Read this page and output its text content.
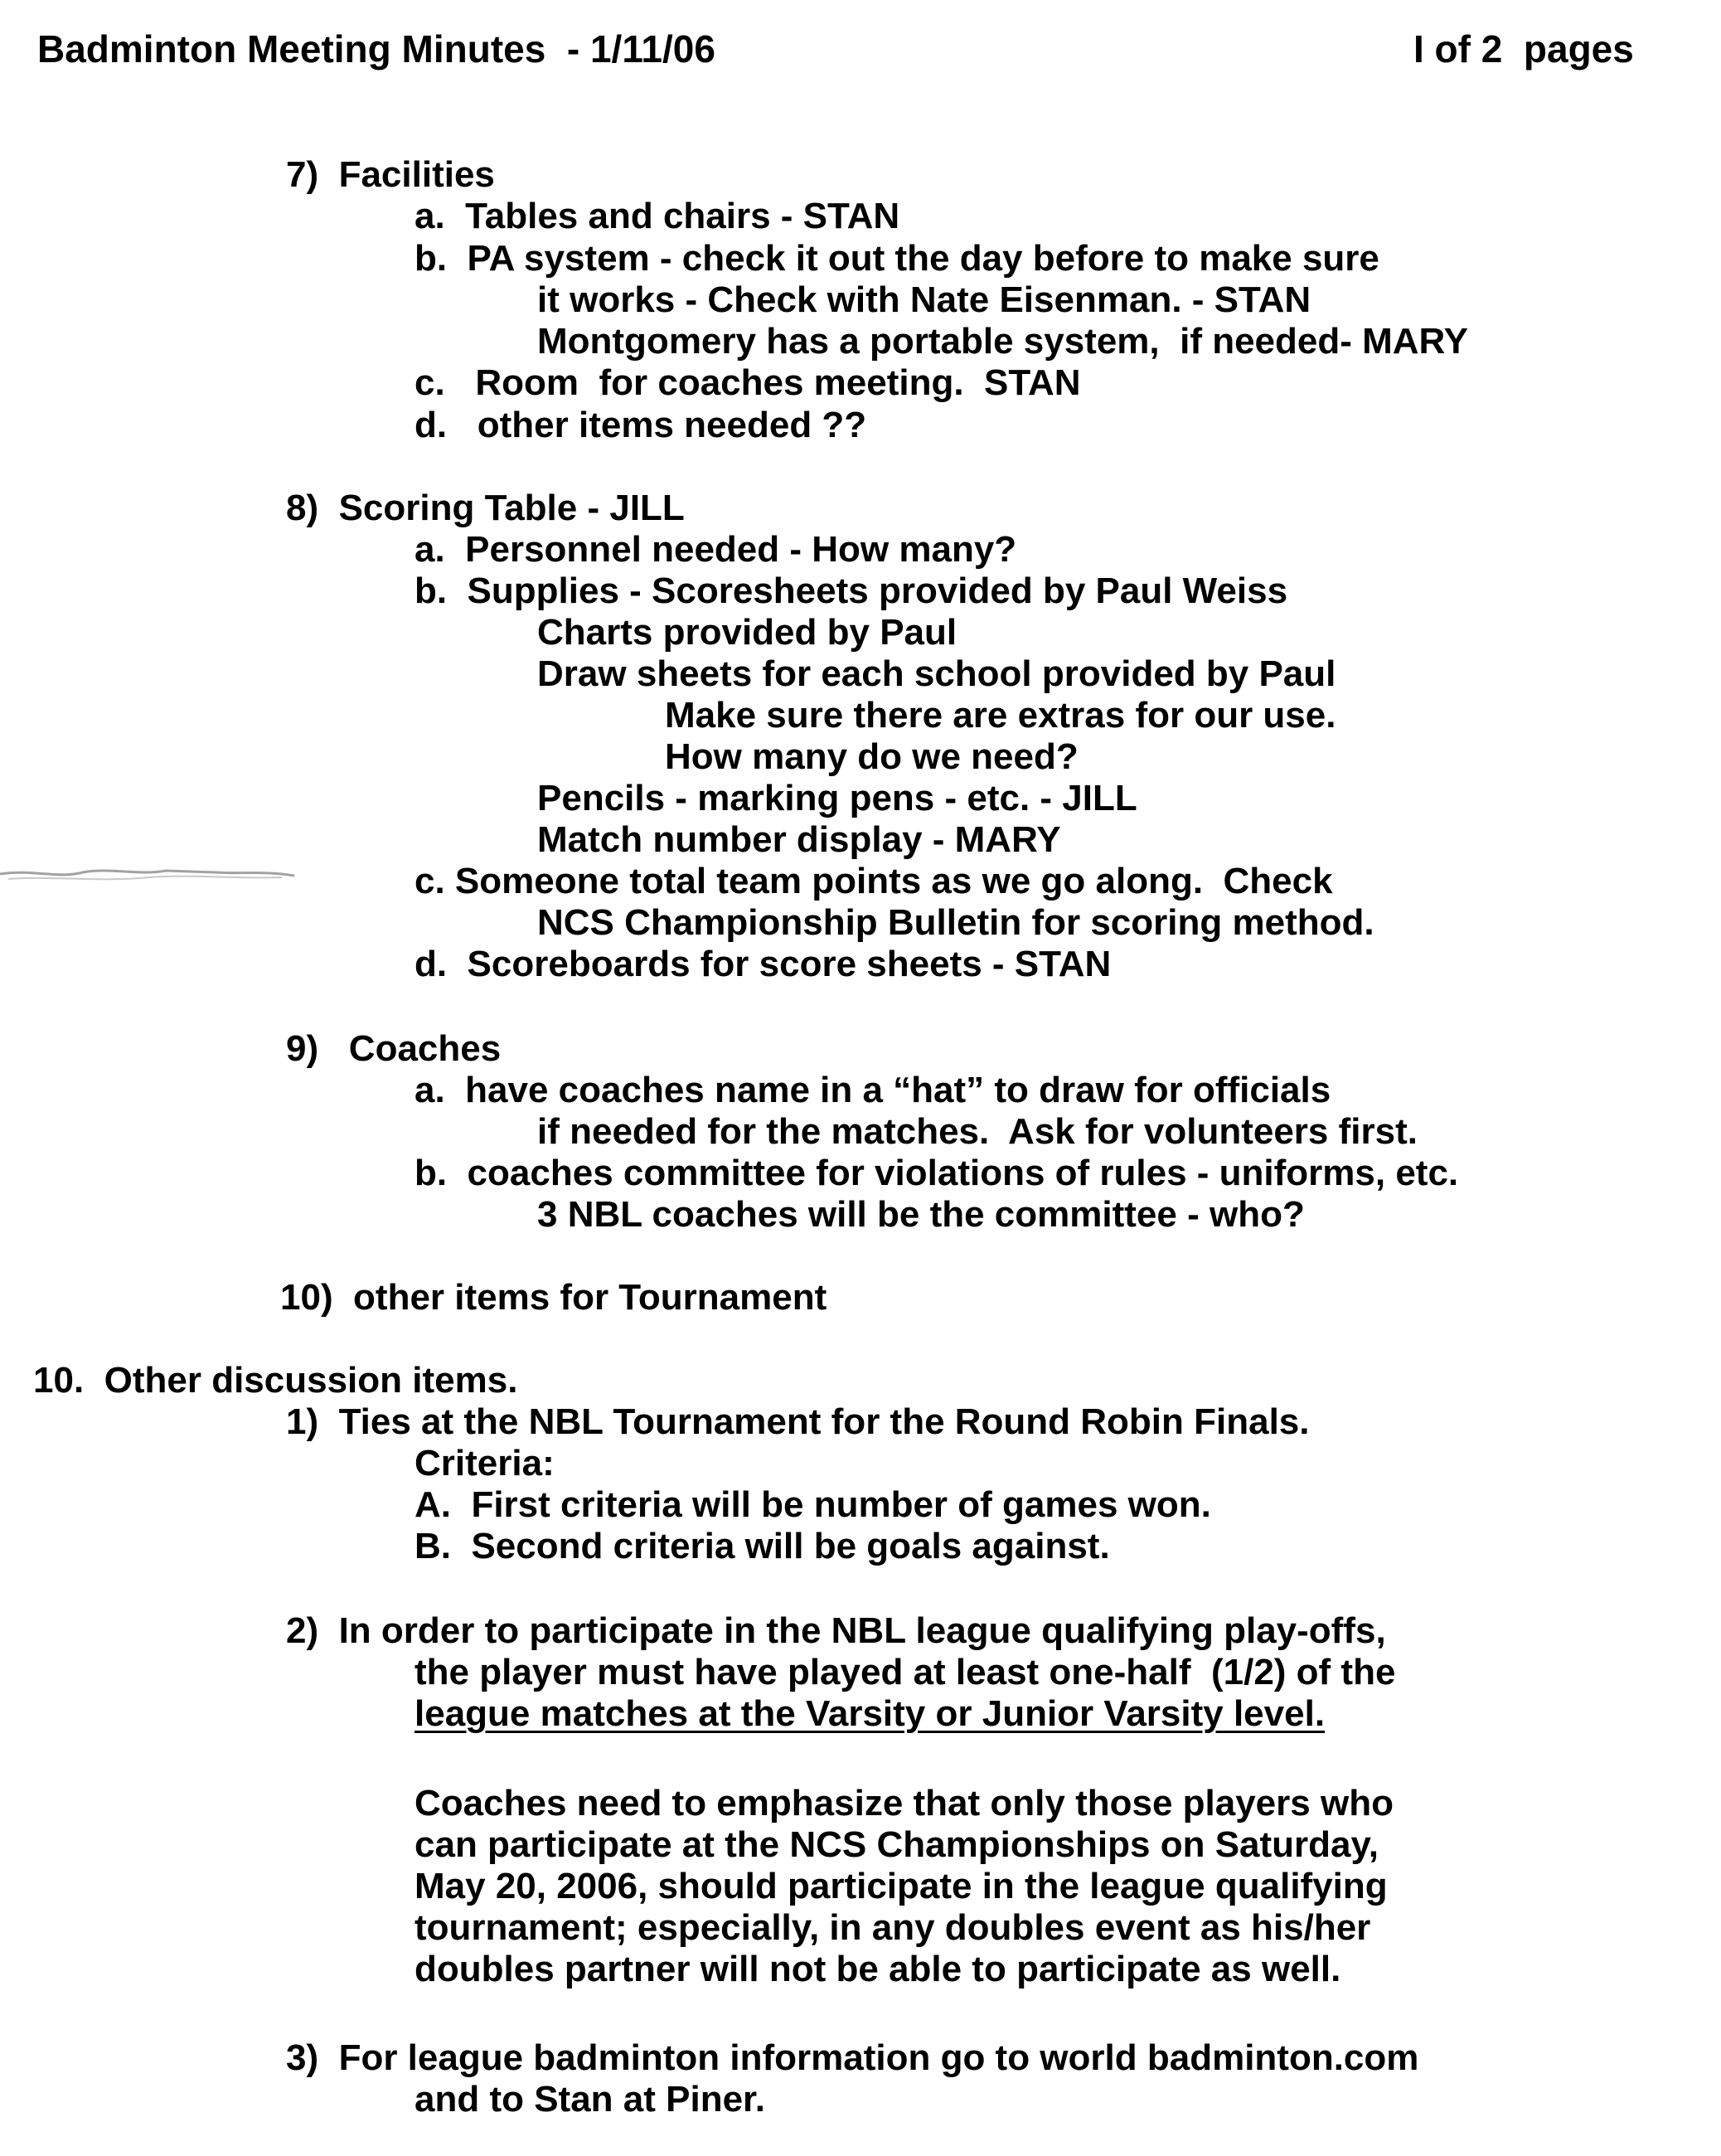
Badminton Meeting Minutes  - 1/11/06	I of 2  pages
7)  Facilities
a.  Tables and chairs - STAN
b.  PA system - check it out the day before to make sure
it works - Check with Nate Eisenman. - STAN
Montgomery has a portable system,  if needed- MARY
c.   Room  for coaches meeting.  STAN
d.   other items needed ??
8)  Scoring Table - JILL
a.  Personnel needed - How many?
b.  Supplies - Scoresheets provided by Paul Weiss
Charts provided by Paul
Draw sheets for each school provided by Paul
Make sure there are extras for our use.
How many do we need?
Pencils - marking pens - etc. - JILL
Match number display - MARY
c. Someone total team points as we go along.  Check
NCS Championship Bulletin for scoring method.
d.  Scoreboards for score sheets - STAN
9)   Coaches
a.  have coaches name in a “hat” to draw for officials
if needed for the matches.  Ask for volunteers first.
b.  coaches committee for violations of rules - uniforms, etc.
3 NBL coaches will be the committee - who?
10)  other items for Tournament
10.  Other discussion items.
1)  Ties at the NBL Tournament for the Round Robin Finals.
Criteria:
A.  First criteria will be number of games won.
B.  Second criteria will be goals against.
2)  In order to participate in the NBL league qualifying play-offs,
the player must have played at least one-half  (1/2) of the
league matches at the Varsity or Junior Varsity level.
Coaches need to emphasize that only those players who
can participate at the NCS Championships on Saturday,
May 20, 2006, should participate in the league qualifying
tournament; especially, in any doubles event as his/her
doubles partner will not be able to participate as well.
3)  For league badminton information go to world badminton.com
and to Stan at Piner.
